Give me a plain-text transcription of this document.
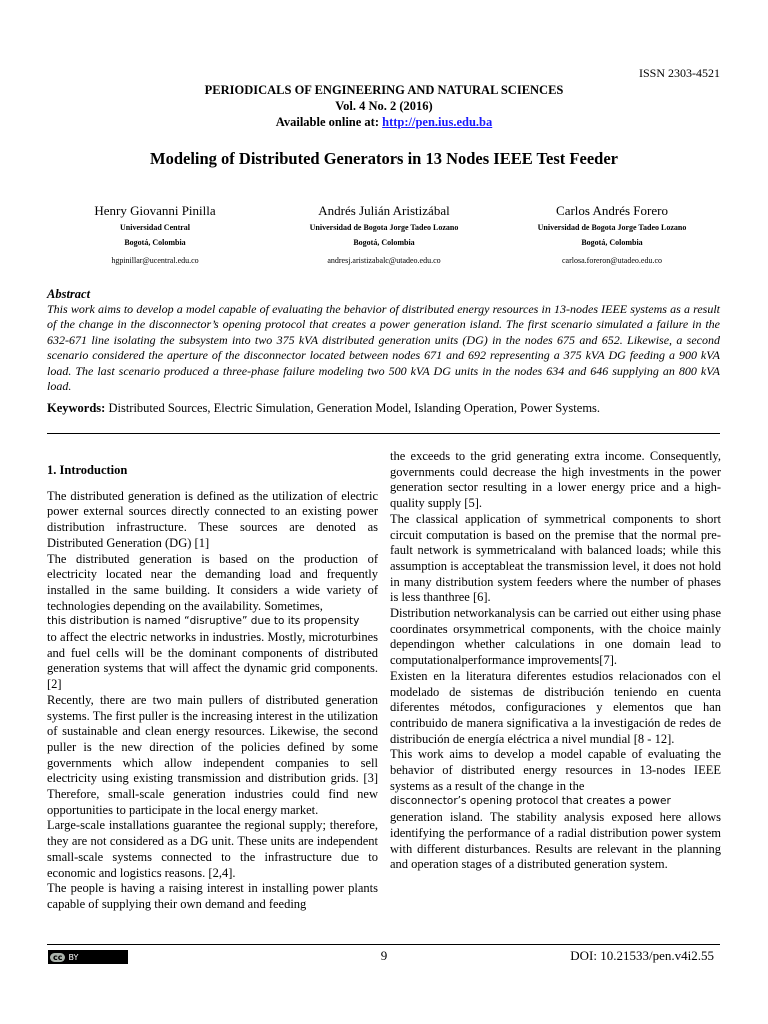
ISSN 2303-4521
PERIODICALS OF ENGINEERING AND NATURAL SCIENCES
Vol. 4 No. 2 (2016)
Available online at: http://pen.ius.edu.ba
Modeling of Distributed Generators in 13 Nodes IEEE Test Feeder
Henry Giovanni Pinilla
Universidad Central
Bogotá, Colombia
hgpinillar@ucentral.edu.co
Andrés Julián Aristizábal
Universidad de Bogota Jorge Tadeo Lozano
Bogotá, Colombia
andresj.aristizabalc@utadeo.edu.co
Carlos Andrés Forero
Universidad de Bogota Jorge Tadeo Lozano
Bogotá, Colombia
carlosa.foreron@utadeo.edu.co
Abstract
This work aims to develop a model capable of evaluating the behavior of distributed energy resources in 13-nodes IEEE systems as a result of the change in the disconnector’s opening protocol that creates a power generation island. The first scenario simulated a failure in the 632-671 line isolating the subsystem into two 375 kVA distributed generation units (DG) in the nodes 675 and 652. Likewise, a second scenario considered the aperture of the disconnector located between nodes 671 and 692 representing a 375 kVA DG feeding a 900 kVA load. The last scenario produced a three-phase failure modeling two 500 kVA DG units in the nodes 634 and 646 supplying an 800 kVA load.
Keywords: Distributed Sources, Electric Simulation, Generation Model, Islanding Operation, Power Systems.

1. Introduction

The distributed generation is defined as the utilization of electric power external sources directly connected to an existing power distribution infrastructure. These sources are denoted as Distributed Generation (DG) [1]

The distributed generation is based on the production of electricity located near the demanding load and frequently installed in the same building. It considers a wide variety of technologies depending on the availability. Sometimes,

this distribution is named “disruptive” due to its propensity

to affect the electric networks in industries. Mostly, microturbines and fuel cells will be the dominant components of distributed generation systems that will affect the dynamic grid components. [2]

Recently, there are two main pullers of distributed generation systems. The first puller is the increasing interest in the utilization of sustainable and clean energy resources. Likewise, the second puller is the new direction of the policies defined by some governments which allow independent companies to sell electricity using existing transmission and distribution grids. [3] Therefore, small-scale generation industries could find new opportunities to participate in the local energy market.

Large-scale installations guarantee the regional supply; therefore, they are not considered as a DG unit. These units are independent small-scale systems connected to the infrastructure due to economic and logistics reasons. [2,4].

The people is having a raising interest in installing power plants capable of supplying their own demand and feeding

the exceeds to the grid generating extra income. Consequently, governments could decrease the high investments in the power generation sector resulting in a lower energy price and a high-quality supply [5].

The classical application of symmetrical components to short circuit computation is based on the premise that the normal pre-fault network is symmetricaland with balanced loads; while this assumption is acceptableat the transmission level, it does not hold in many distribution system feeders where the number of phases is less thanthree [6].

Distribution networkanalysis can be carried out either using phase coordinates orsymmetrical components, with the choice mainly dependingon whether calculations in one domain lead to computationalperformance improvements[7].

Existen en la literatura diferentes estudios relacionados con el modelado de sistemas de distribución teniendo en cuenta diferentes métodos, configuraciones y elementos que han contribuido de manera significativa a la investigación de redes de distribución de energía eléctrica a nivel mundial [8 - 12].

This work aims to develop a model capable of evaluating the behavior of distributed energy resources in 13-nodes IEEE systems as a result of the change in the

disconnector’s opening protocol that creates a power

generation island. The stability analysis exposed here allows identifying the performance of a radial distribution power system with different disturbances. Results are relevant in the planning and operation stages of a distributed generation system.

cc BY	9	DOI: 10.21533/pen.v4i2.55
